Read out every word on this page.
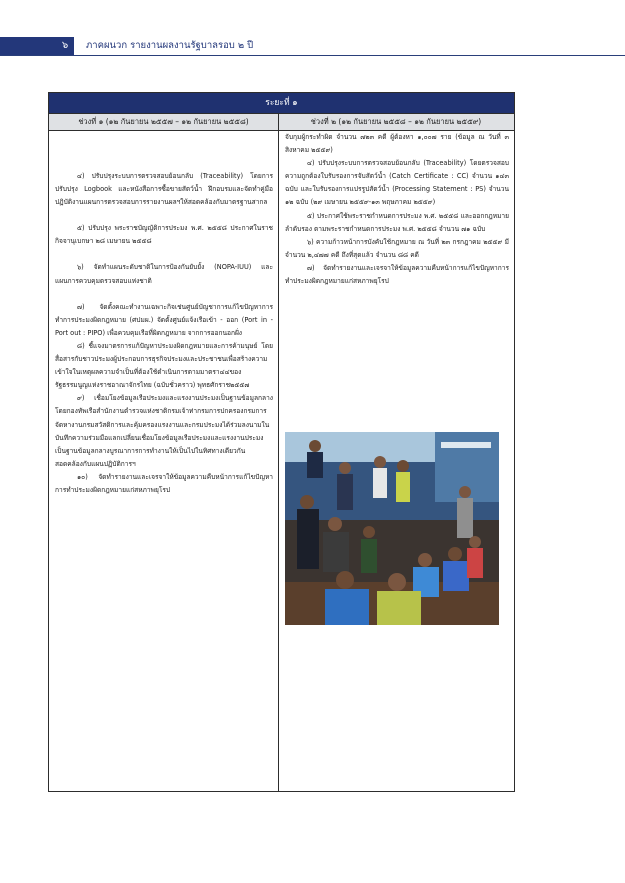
๖	ภาคผนวก รายงานผลงานรัฐบาลรอบ ๒ ปี
ระยะที่ ๑
ช่วงที่ ๑ (๑๒ กันยายน ๒๕๕๗ – ๑๒ กันยายน ๒๕๕๘)	ช่วงที่ ๒ (๑๒ กันยายน ๒๕๕๘ – ๑๒ กันยายน ๒๕๕๙)

๔) ปรับปรุงระบบการตรวจสอบย้อนกลับ (Traceability) โดยการปรับปรุง Logbook และหนังสือการซื้อขายสัตว์น้ำ ฝึกอบรมและจัดทำคู่มือปฏิบัติงานแผนการตรวจสอบการรายงานผลฯให้สอดคล้องกับมาตรฐานสากล

๕) ปรับปรุง พระราชบัญญัติการประมง พ.ศ. ๒๕๕๘ ประกาศในราชกิจจานุเบกษา ๒๘ เมษายน ๒๕๕๘

๖) จัดทำแผนระดับชาติในการป้องกันยับยั้ง (NOPA-IUU) และแผนการควบคุมตรวจสอบแห่งชาติ

๗) จัดตั้งคณะทำงานเฉพาะกิจเช่นศูนย์บัญชาการแก้ไขปัญหาการทำการประมงผิดกฎหมาย (ศปมผ.) จัดตั้งศูนย์แจ้งเรือเข้า - ออก (Port in - Port out : PIPO) เพื่อควบคุมเรือที่ผิดกฎหมาย จากการออกนอกฝั่ง

๘) ชี้แจงมาตรการแก้ปัญหาประมงผิดกฎหมายและการค้ามนุษย์ โดยสื่อสารกับชาวประมงผู้ประกอบการธุรกิจประมงและประชาชนเพื่อสร้างความเข้าใจในเหตุผลความจำเป็นที่ต้องใช้ดำเนินการตามมาตรา๔๔ของรัฐธรรมนูญแห่งราชอาณาจักรไทย (ฉบับชั่วคราว) พุทธศักราช๒๕๕๗

๙) เชื่อมโยงข้อมูลเรือประมงและแรงงานประมงเป็นฐานข้อมูลกลางโดยกองทัพเรือสำนักงานตำรวจแห่งชาติกรมเจ้าท่ากรมการปกครองกรมการจัดหางานกรมสวัสดิการและคุ้มครองแรงงานและกรมประมงได้ร่วมลงนามในบันทึกความร่วมมือแลกเปลี่ยนเชื่อมโยงข้อมูลเรือประมงและแรงงานประมงเป็นฐานข้อมูลกลางบูรณาการการทำงานให้เป็นไปในทิศทางเดียวกันสอดคล้องกับแผนปฏิบัติการฯ

๑๐) จัดทำรายงานและเจรจาให้ข้อมูลความคืบหน้าการแก้ไขปัญหาการทำประมงผิดกฎหมายแก่สหภาพยุโรป

จับกุมผู้กระทำผิด จำนวน ๗๒๓ คดี ผู้ต้องหา ๑,๐๐๗ ราย (ข้อมูล ณ วันที่ ๓ สิงหาคม ๒๕๕๙)

๔) ปรับปรุงระบบการตรวจสอบย้อนกลับ (Traceability) โดยตรวจสอบความถูกต้องใบรับรองการจับสัตว์น้ำ (Catch Certificate : CC) จำนวน ๑๔๓ ฉบับ และใบรับรองการแปรรูปสัตว์น้ำ (Processing Statement : PS) จำนวน ๑๒ ฉบับ (๒๙ เมษายน ๒๕๕๙-๑๓ พฤษภาคม ๒๕๕๙)

๕) ประกาศใช้พระราชกำหนดการประมง พ.ศ. ๒๕๕๘ และออกกฎหมายลำดับรอง ตามพระราชกำหนดการประมง พ.ศ. ๒๕๕๘ จำนวน ๗๑ ฉบับ

๖) ความก้าวหน้าการบังคับใช้กฎหมาย ณ วันที่ ๒๓ กรกฎาคม ๒๕๕๙ มีจำนวน ๒,๔๗๗ คดี ถึงที่สุดแล้ว จำนวน ๘๘ คดี

๗) จัดทำรายงานและเจรจาให้ข้อมูลความคืบหน้าการแก้ไขปัญหาการทำประมงผิดกฎหมายแก่สหภาพยุโรป
